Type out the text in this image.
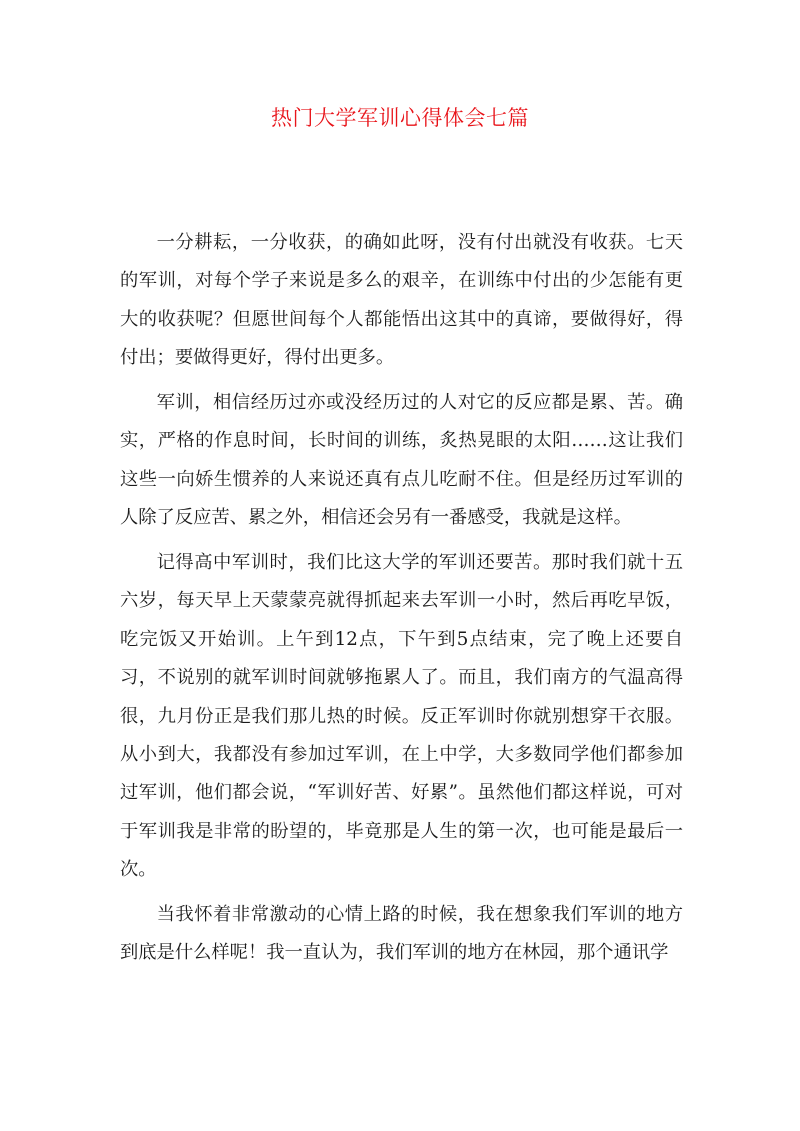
热门大学军训心得体会七篇

一分耕耘，一分收获，的确如此呀，没有付出就没有收获。七天的军训，对每个学子来说是多么的艰辛，在训练中付出的少怎能有更大的收获呢？但愿世间每个人都能悟出这其中的真谛，要做得好，得付出；要做得更好，得付出更多。

军训，相信经历过亦或没经历过的人对它的反应都是累、苦。确实，严格的作息时间，长时间的训练，炙热晃眼的太阳……这让我们这些一向娇生惯养的人来说还真有点儿吃耐不住。但是经历过军训的人除了反应苦、累之外，相信还会另有一番感受，我就是这样。

记得高中军训时，我们比这大学的军训还要苦。那时我们就十五六岁，每天早上天蒙蒙亮就得抓起来去军训一小时，然后再吃早饭，吃完饭又开始训。上午到12点，下午到5点结束，完了晚上还要自习，不说别的就军训时间就够拖累人了。而且，我们南方的气温高得很，九月份正是我们那儿热的时候。反正军训时你就别想穿干衣服。从小到大，我都没有参加过军训，在上中学，大多数同学他们都参加过军训，他们都会说，“军训好苦、好累”。虽然他们都这样说，可对于军训我是非常的盼望的，毕竟那是人生的第一次，也可能是最后一次。

当我怀着非常激动的心情上路的时候，我在想象我们军训的地方到底是什么样呢！我一直认为，我们军训的地方在林园，那个通讯学
